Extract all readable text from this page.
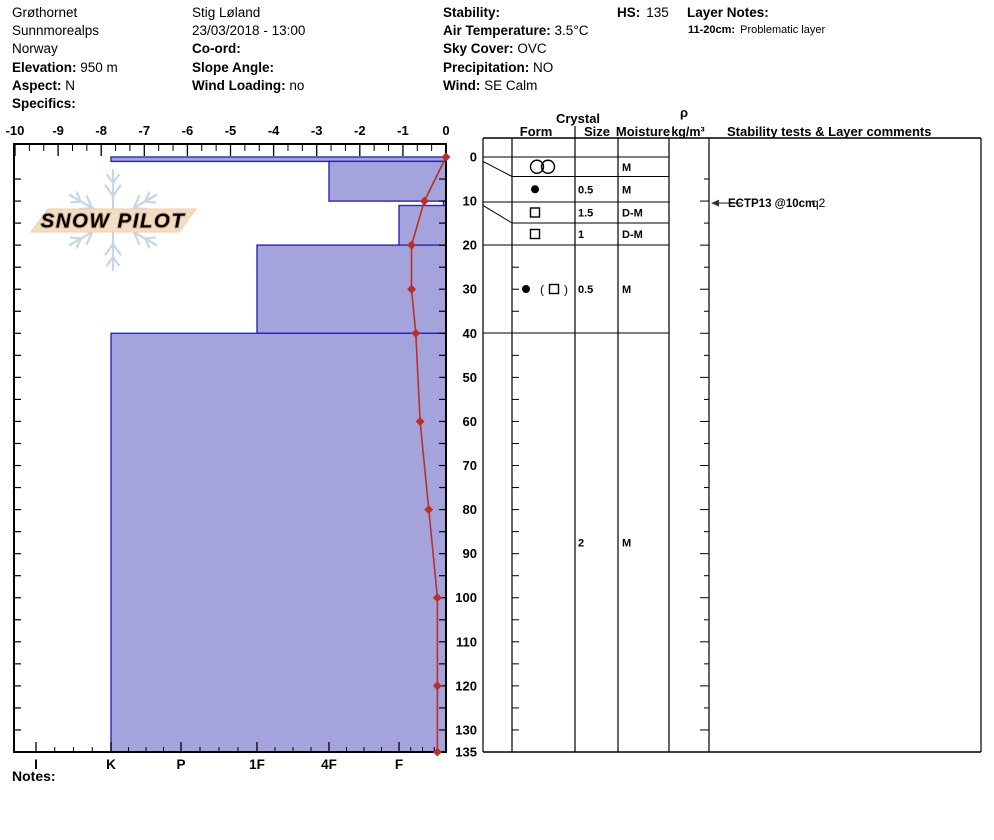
Grøthornet
Sunnmorealps
Norway
Elevation: 950 m
Aspect: N
Specifics:
Stig Løland
23/03/2018 - 13:00
Co-ord:
Slope Angle:
Wind Loading: no
Stability:
Air Temperature: 3.5°C
Sky Cover: OVC
Precipitation: NO
Wind: SE Calm
HS: 135 Layer Notes:
11-20cm: Problematic layer
SNOW PILOT
-10 -9 -8 -7 -6 -5 -4 -3 -2 -1	0
0
10
20
30
40
50
60
70
80
90
100
110
120
130
135
I	K	P	1F	4F	F
M
0.5	M
1.5	D-M
1	D-M
( ) 0.5	M
2	M
ECTP13 @10cm
q2
Crystal
Form Size Moisture
ρ
kg/m³ Stability tests & Layer comments
Notes:
